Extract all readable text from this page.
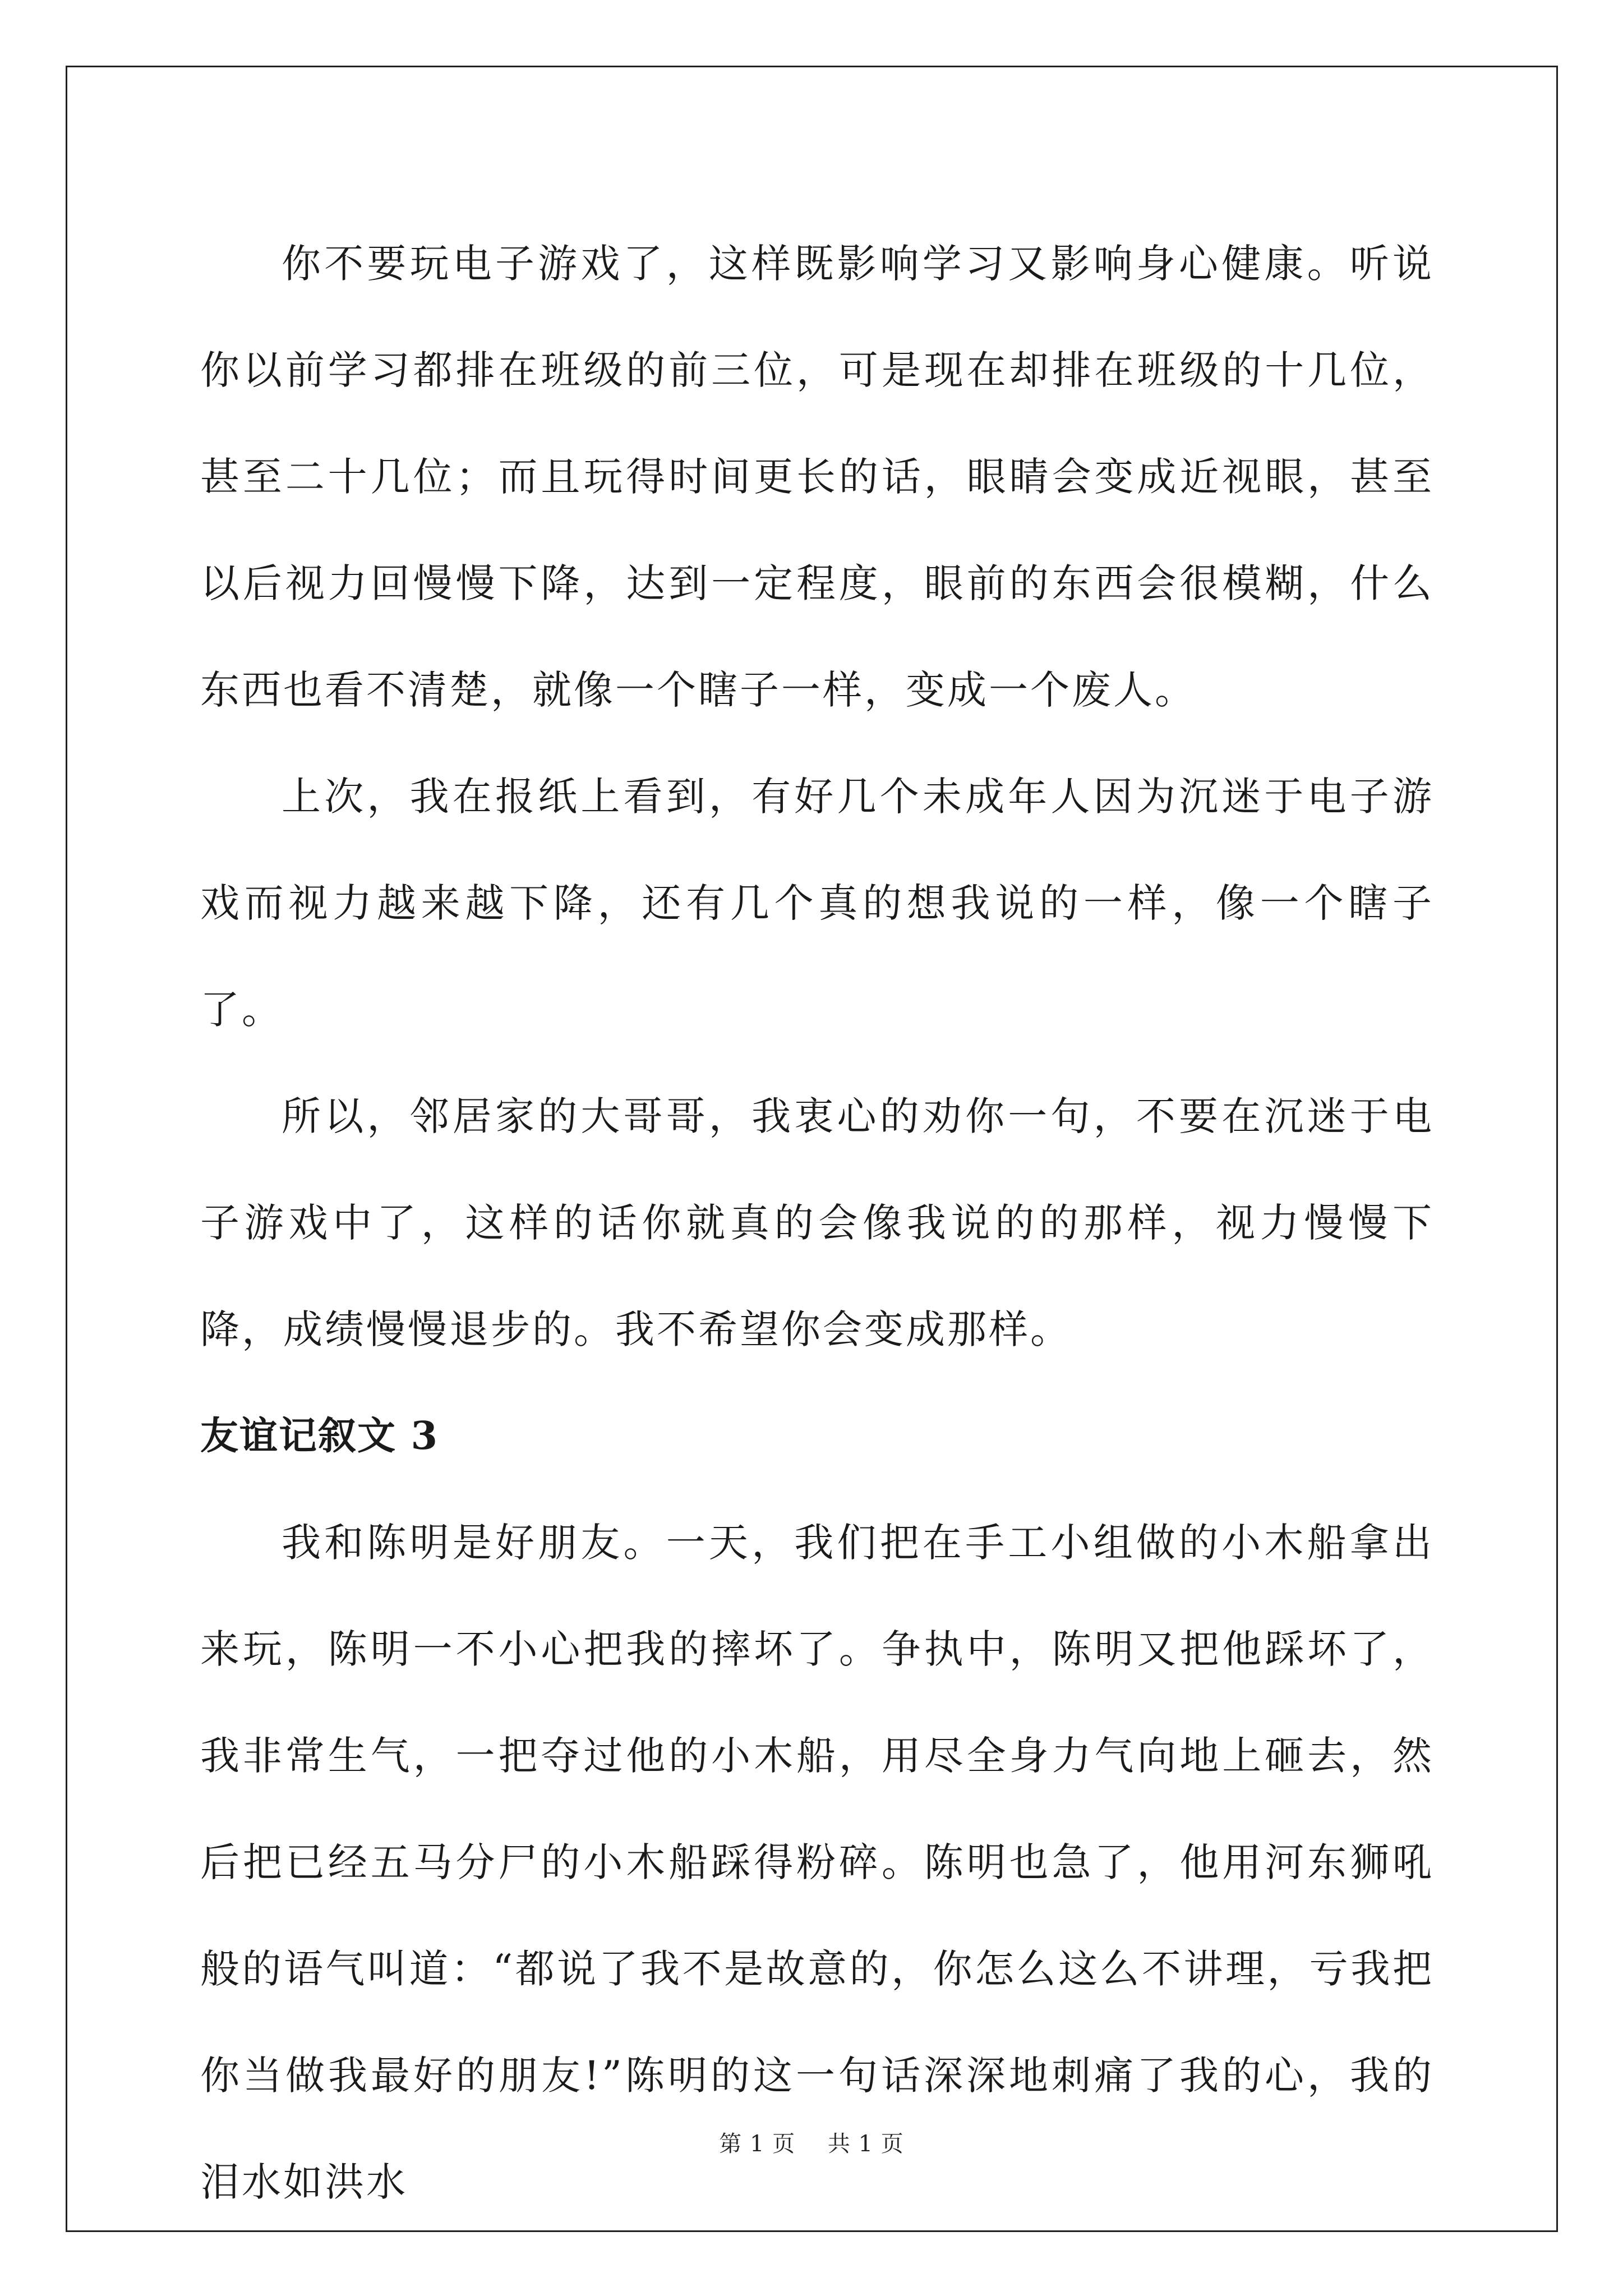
你不要玩电子游戏了，这样既影响学习又影响身心健康。听说你以前学习都排在班级的前三位，可是现在却排在班级的十几位，甚至二十几位；而且玩得时间更长的话，眼睛会变成近视眼，甚至以后视力回慢慢下降，达到一定程度，眼前的东西会很模糊，什么东西也看不清楚，就像一个瞎子一样，变成一个废人。

上次，我在报纸上看到，有好几个未成年人因为沉迷于电子游戏而视力越来越下降，还有几个真的想我说的一样，像一个瞎子了。

所以，邻居家的大哥哥，我衷心的劝你一句，不要在沉迷于电子游戏中了，这样的话你就真的会像我说的的那样，视力慢慢下降，成绩慢慢退步的。我不希望你会变成那样。

友谊记叙文 3

我和陈明是好朋友。一天，我们把在手工小组做的小木船拿出来玩，陈明一不小心把我的摔坏了。争执中，陈明又把他踩坏了，我非常生气，一把夺过他的小木船，用尽全身力气向地上砸去，然后把已经五马分尸的小木船踩得粉碎。陈明也急了，他用河东狮吼般的语气叫道：“都说了我不是故意的，你怎么这么不讲理，亏我把你当做我最好的朋友!”陈明的这一句话深深地刺痛了我的心，我的泪水如洪水

第 1 页 共 1 页
